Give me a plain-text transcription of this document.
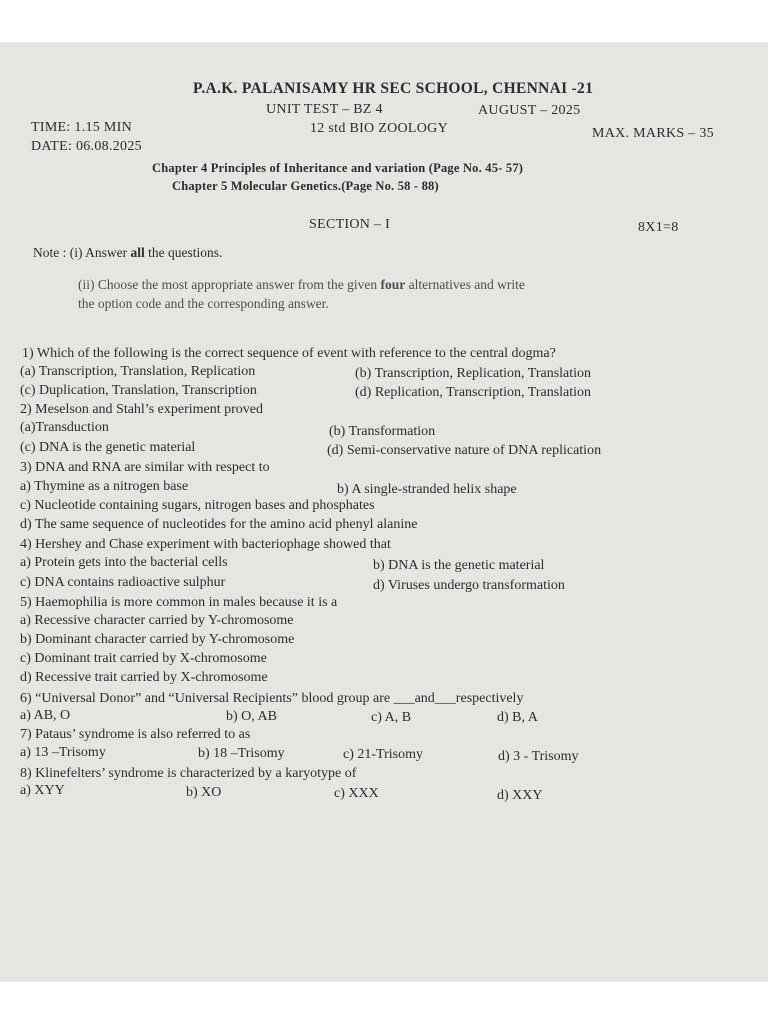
P.A.K. PALANISAMY HR SEC SCHOOL, CHENNAI -21
UNIT TEST – BZ 4	AUGUST – 2025
TIME: 1.15 MIN	12 std BIO ZOOLOGY	MAX. MARKS – 35
DATE: 06.08.2025
Chapter 4 Principles of Inheritance and variation (Page No. 45- 57)
Chapter 5 Molecular Genetics.(Page No. 58 - 88)
SECTION – I	8X1=8
Note : (i) Answer all the questions.
(ii) Choose the most appropriate answer from the given four alternatives and write
the option code and the corresponding answer.
1) Which of the following is the correct sequence of event with reference to the central dogma?
(a) Transcription, Translation, Replication	(b) Transcription, Replication, Translation
(c) Duplication, Translation, Transcription	(d) Replication, Transcription, Translation
2) Meselson and Stahl’s experiment proved
(a)Transduction	(b) Transformation
(c) DNA is the genetic material	(d) Semi-conservative nature of DNA replication
3) DNA and RNA are similar with respect to
a) Thymine as a nitrogen base	b) A single-stranded helix shape
c) Nucleotide containing sugars, nitrogen bases and phosphates
d) The same sequence of nucleotides for the amino acid phenyl alanine
4) Hershey and Chase experiment with bacteriophage showed that
a) Protein gets into the bacterial cells	b) DNA is the genetic material
c) DNA contains radioactive sulphur	d) Viruses undergo transformation
5) Haemophilia is more common in males because it is a
a) Recessive character carried by Y-chromosome
b) Dominant character carried by Y-chromosome
c) Dominant trait carried by X-chromosome
d) Recessive trait carried by X-chromosome
6) “Universal Donor” and “Universal Recipients” blood group are ___and___respectively
a) AB, O	b) O, AB	c) A, B	d) B, A
7) Pataus’ syndrome is also referred to as
a) 13 –Trisomy	b) 18 –Trisomy	c) 21-Trisomy	d) 3 - Trisomy
8) Klinefelters’ syndrome is characterized by a karyotype of
a) XYY	b) XO	c) XXX	d) XXY
